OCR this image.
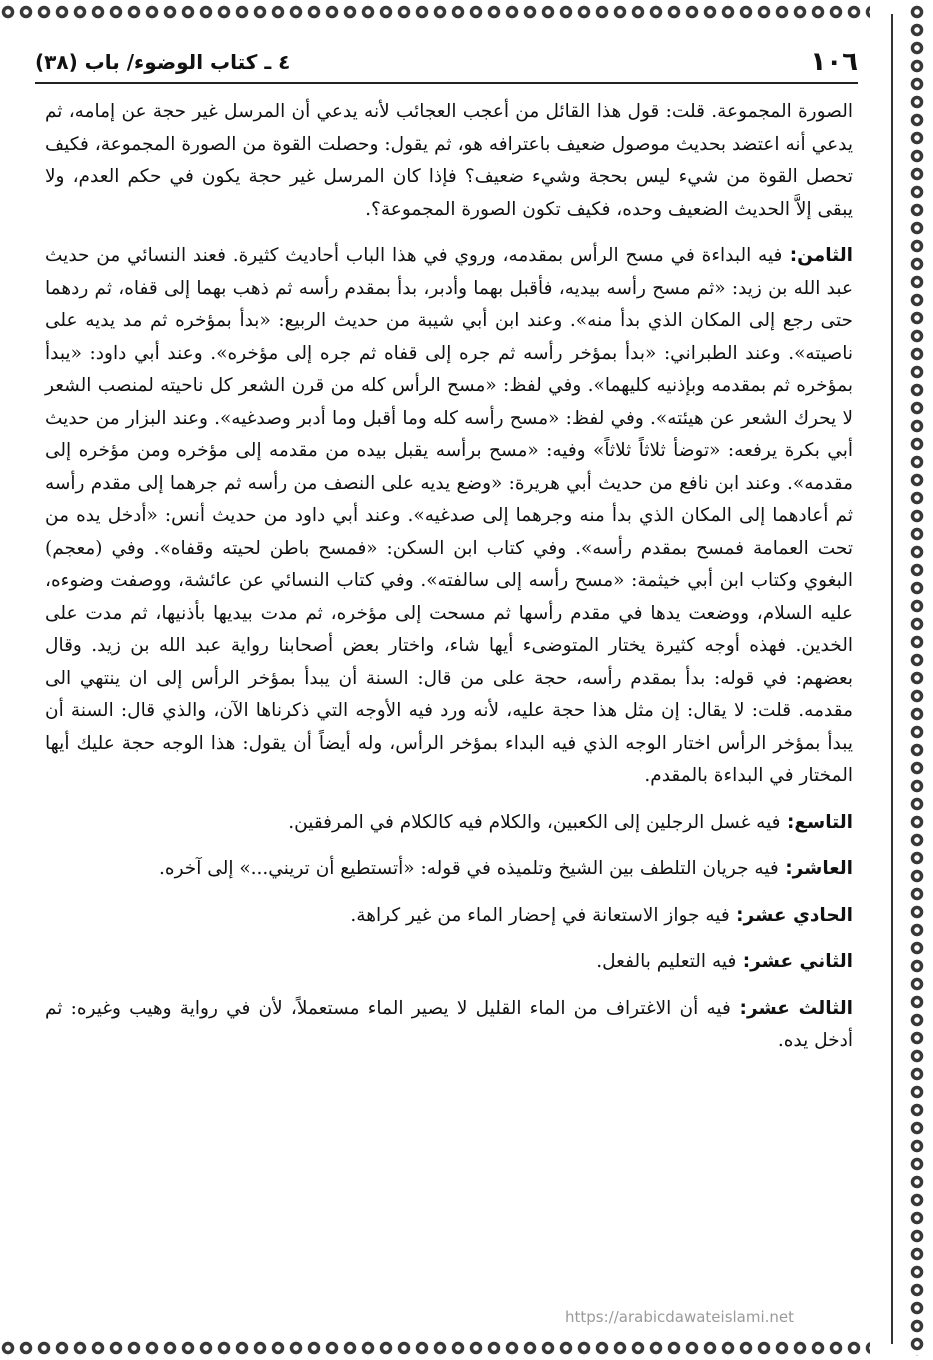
١٠٦
٤ ـ كتاب الوضوء/ باب (٣٨)

الصورة المجموعة. قلت: قول هذا القائل من أعجب العجائب لأنه يدعي أن المرسل غير حجة عن إمامه، ثم يدعي أنه اعتضد بحديث موصول ضعيف باعترافه هو، ثم يقول: وحصلت القوة من الصورة المجموعة، فكيف تحصل القوة من شيء ليس بحجة وشيء ضعيف؟ فإذا كان المرسل غير حجة يكون في حكم العدم، ولا يبقى إلاَّ الحديث الضعيف وحده، فكيف تكون الصورة المجموعة؟.

الثامن: فيه البداءة في مسح الرأس بمقدمه، وروي في هذا الباب أحاديث كثيرة. فعند النسائي من حديث عبد الله بن زيد: «ثم مسح رأسه بيديه، فأقبل بهما وأدبر، بدأ بمقدم رأسه ثم ذهب بهما إلى قفاه، ثم ردهما حتى رجع إلى المكان الذي بدأ منه». وعند ابن أبي شيبة من حديث الربيع: «بدأ بمؤخره ثم مد يديه على ناصيته». وعند الطبراني: «بدأ بمؤخر رأسه ثم جره إلى قفاه ثم جره إلى مؤخره». وعند أبي داود: «يبدأ بمؤخره ثم بمقدمه وبإذنيه كليهما». وفي لفظ: «مسح الرأس كله من قرن الشعر كل ناحيته لمنصب الشعر لا يحرك الشعر عن هيئته». وفي لفظ: «مسح رأسه كله وما أقبل وما أدبر وصدغيه». وعند البزار من حديث أبي بكرة يرفعه: «توضأ ثلاثاً ثلاثاً» وفيه: «مسح برأسه يقبل بيده من مقدمه إلى مؤخره ومن مؤخره إلى مقدمه». وعند ابن نافع من حديث أبي هريرة: «وضع يديه على النصف من رأسه ثم جرهما إلى مقدم رأسه ثم أعادهما إلى المكان الذي بدأ منه وجرهما إلى صدغيه». وعند أبي داود من حديث أنس: «أدخل يده من تحت العمامة فمسح بمقدم رأسه». وفي كتاب ابن السكن: «فمسح باطن لحيته وقفاه». وفي (معجم) البغوي وكتاب ابن أبي خيثمة: «مسح رأسه إلى سالفته». وفي كتاب النسائي عن عائشة، ووصفت وضوءه، عليه السلام، ووضعت يدها في مقدم رأسها ثم مسحت إلى مؤخره، ثم مدت بيديها بأذنيها، ثم مدت على الخدين. فهذه أوجه كثيرة يختار المتوضىء أيها شاء، واختار بعض أصحابنا رواية عبد الله بن زيد. وقال بعضهم: في قوله: بدأ بمقدم رأسه، حجة على من قال: السنة أن يبدأ بمؤخر الرأس إلى ان ينتهي الى مقدمه. قلت: لا يقال: إن مثل هذا حجة عليه، لأنه ورد فيه الأوجه التي ذكرناها الآن، والذي قال: السنة أن يبدأ بمؤخر الرأس اختار الوجه الذي فيه البداء بمؤخر الرأس، وله أيضاً أن يقول: هذا الوجه حجة عليك أيها المختار في البداءة بالمقدم.

التاسع: فيه غسل الرجلين إلى الكعبين، والكلام فيه كالكلام في المرفقين.

العاشر: فيه جريان التلطف بين الشيخ وتلميذه في قوله: «أتستطيع أن تريني...» إلى آخره.

الحادي عشر: فيه جواز الاستعانة في إحضار الماء من غير كراهة.

الثاني عشر: فيه التعليم بالفعل.

الثالث عشر: فيه أن الاغتراف من الماء القليل لا يصير الماء مستعملاً، لأن في رواية وهيب وغيره: ثم أدخل يده.

https://arabicdawateislami.net
